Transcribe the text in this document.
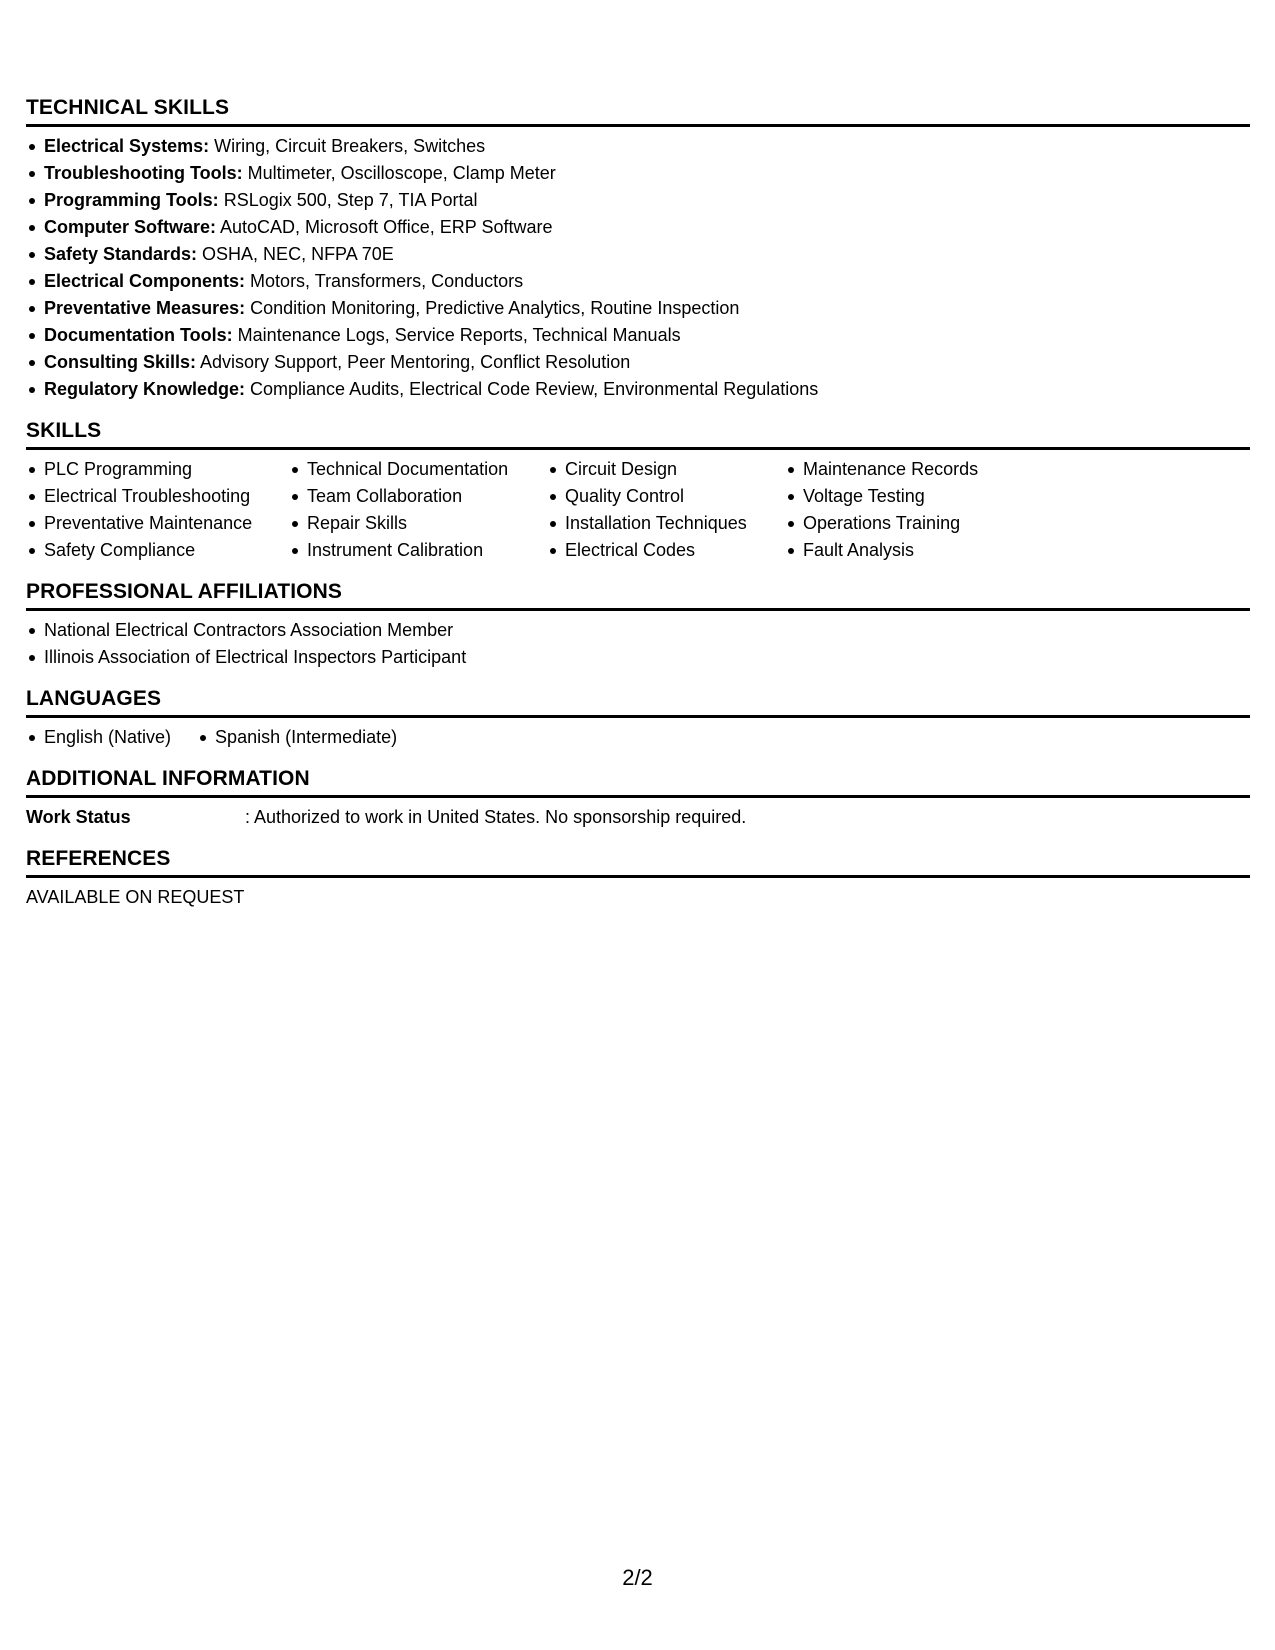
TECHNICAL SKILLS
Electrical Systems: Wiring, Circuit Breakers, Switches
Troubleshooting Tools: Multimeter, Oscilloscope, Clamp Meter
Programming Tools: RSLogix 500, Step 7, TIA Portal
Computer Software: AutoCAD, Microsoft Office, ERP Software
Safety Standards: OSHA, NEC, NFPA 70E
Electrical Components: Motors, Transformers, Conductors
Preventative Measures: Condition Monitoring, Predictive Analytics, Routine Inspection
Documentation Tools: Maintenance Logs, Service Reports, Technical Manuals
Consulting Skills: Advisory Support, Peer Mentoring, Conflict Resolution
Regulatory Knowledge: Compliance Audits, Electrical Code Review, Environmental Regulations
SKILLS
PLC Programming
Electrical Troubleshooting
Preventative Maintenance
Safety Compliance
Technical Documentation
Team Collaboration
Repair Skills
Instrument Calibration
Circuit Design
Quality Control
Installation Techniques
Electrical Codes
Maintenance Records
Voltage Testing
Operations Training
Fault Analysis
PROFESSIONAL AFFILIATIONS
National Electrical Contractors Association Member
Illinois Association of Electrical Inspectors Participant
LANGUAGES
English (Native) Spanish (Intermediate)
ADDITIONAL INFORMATION
Work Status	: Authorized to work in United States. No sponsorship required.
REFERENCES
AVAILABLE ON REQUEST
2/2
